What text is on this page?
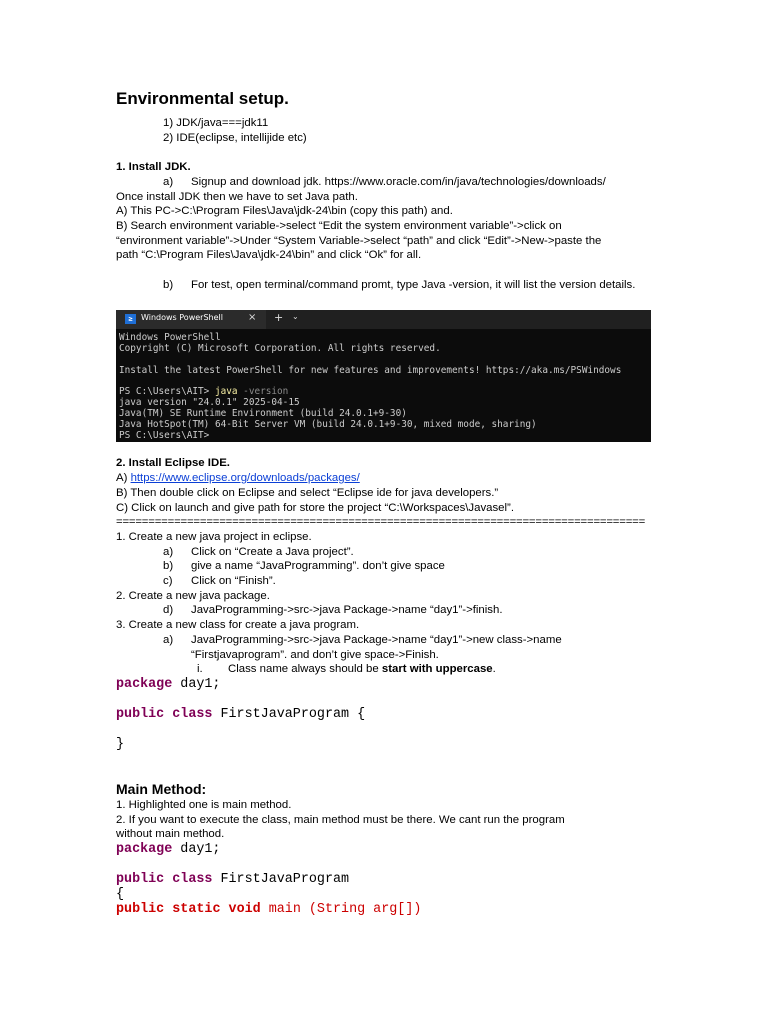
Environmental setup.
1) JDK/java===jdk11
2) IDE(eclipse, intellijide etc)
1. Install JDK.
a) Signup and download jdk. https://www.oracle.com/in/java/technologies/downloads/
Once install JDK then we have to set Java path.
A) This PC->C:\Program Files\Java\jdk-24\bin (copy this path) and.
B) Search environment variable->select “Edit the system environment variable”->click on
“environment variable”->Under “System Variable->select “path” and click “Edit”->New->paste the
path “C:\Program Files\Java\jdk-24\bin” and click “Ok” for all.
b) For test, open terminal/command promt, type Java -version, it will list the version details.
≥	Windows PowerShell	× + ⌄
Windows PowerShell
Copyright (C) Microsoft Corporation. All rights reserved.
Install the latest PowerShell for new features and improvements! https://aka.ms/PSWindows
PS C:\Users\AIT> java -version
java version "24.0.1" 2025-04-15
Java(TM) SE Runtime Environment (build 24.0.1+9-30)
Java HotSpot(TM) 64-Bit Server VM (build 24.0.1+9-30, mixed mode, sharing)
PS C:\Users\AIT>
2. Install Eclipse IDE.
A) https://www.eclipse.org/downloads/packages/
B) Then double click on Eclipse and select “Eclipse ide for java developers.”
C) Click on launch and give path for store the project “C:\Workspaces\Javasel”.
==================================================================================
1. Create a new java project in eclipse.
a) Click on “Create a Java project”.
b) give a name “JavaProgramming”. don’t give space
c) Click on “Finish”.
2. Create a new java package.
d) JavaProgramming->src->java Package->name “day1”->finish.
3. Create a new class for create a java program.
a) JavaProgramming->src->java Package->name “day1”->new class->name
“Firstjavaprogram”. and don’t give space->Finish.
i. Class name always should be start with uppercase.
package day1;
public class FirstJavaProgram {
}
Main Method:
1. Highlighted one is main method.
2. If you want to execute the class, main method must be there. We cant run the program
without main method.
package day1;
public class FirstJavaProgram
{
public static void main (String arg[])
